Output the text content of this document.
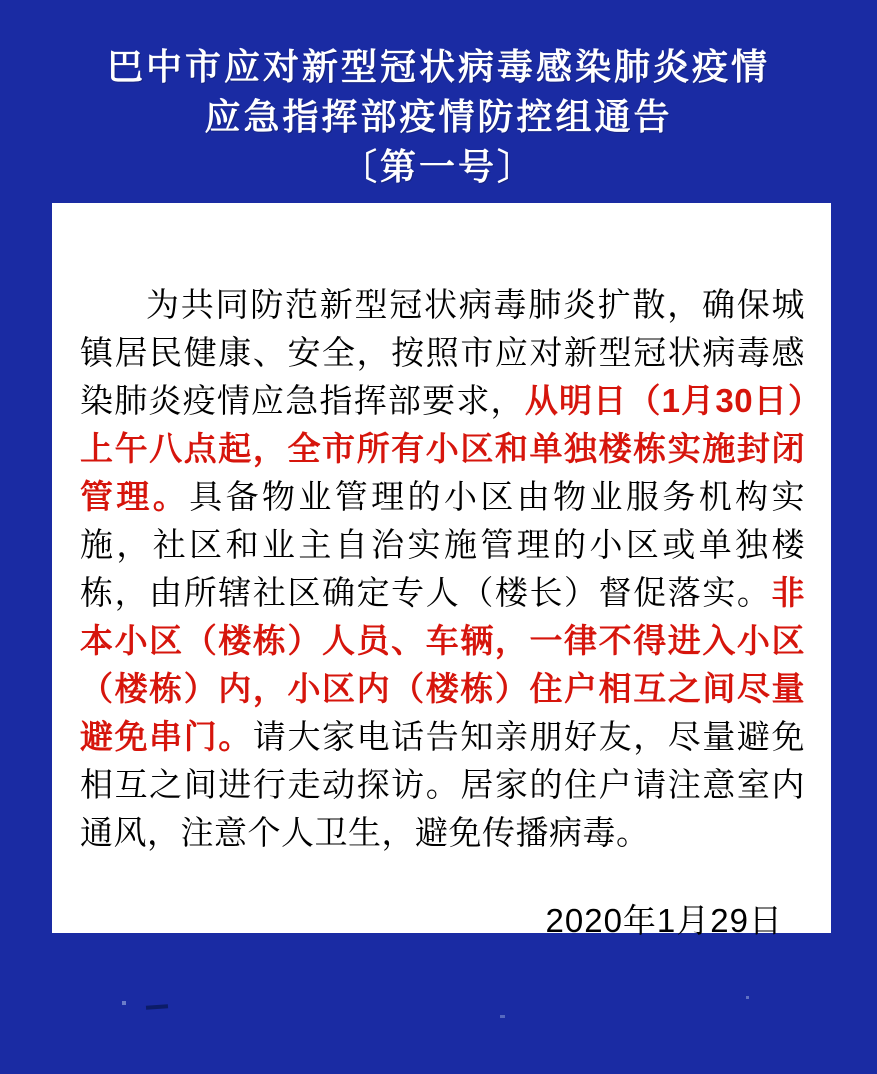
巴中市应对新型冠状病毒感染肺炎疫情
应急指挥部疫情防控组通告
〔第一号〕

为共同防范新型冠状病毒肺炎扩散，确保城镇居民健康、安全，按照市应对新型冠状病毒感染肺炎疫情应急指挥部要求，从明日（1月30日）上午八点起，全市所有小区和单独楼栋实施封闭管理。具备物业管理的小区由物业服务机构实施，社区和业主自治实施管理的小区或单独楼栋，由所辖社区确定专人（楼长）督促落实。非本小区（楼栋）人员、车辆，一律不得进入小区（楼栋）内，小区内（楼栋）住户相互之间尽量避免串门。请大家电话告知亲朋好友，尽量避免相互之间进行走动探访。居家的住户请注意室内通风，注意个人卫生，避免传播病毒。

2020年1月29日
